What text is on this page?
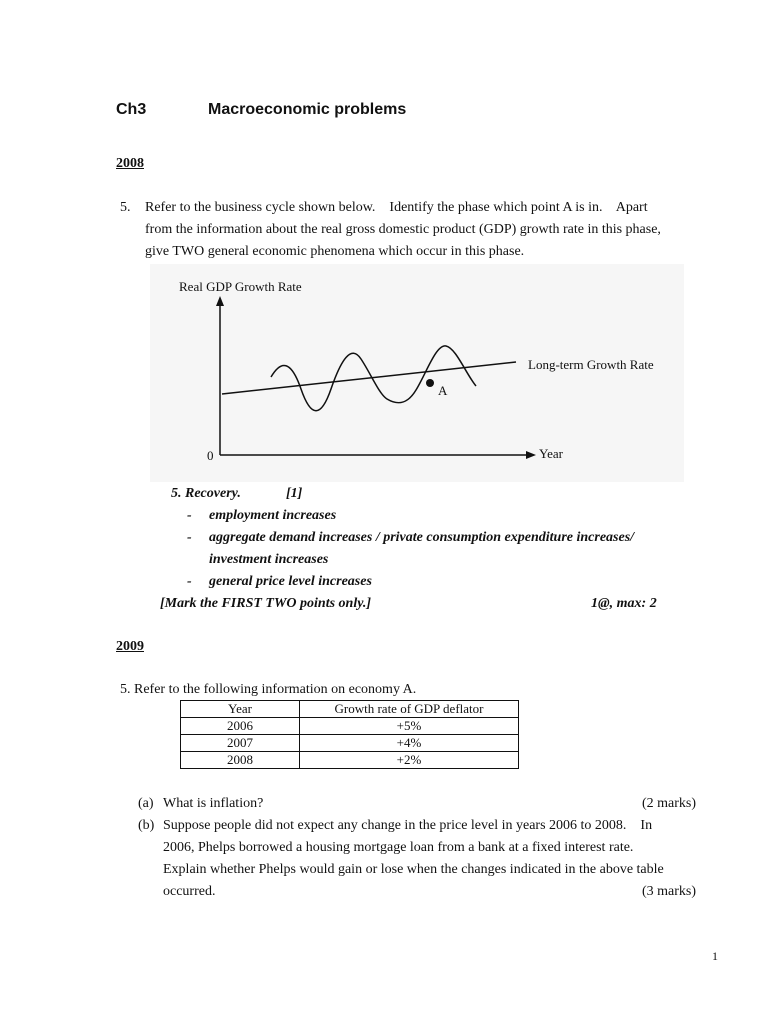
Ch3	Macroeconomic problems
2008
5. Refer to the business cycle shown below.    Identify the phase which point A is in.    Apart
from the information about the real gross domestic product (GDP) growth rate in this phase,
give TWO general economic phenomena which occur in this phase.
Real GDP Growth Rate
Year
0
Long-term Growth Rate
A
5. Recovery.	[1]
- employment increases
- aggregate demand increases / private consumption expenditure increases/
investment increases
- general price level increases
[Mark the FIRST TWO points only.]	1@, max: 2
2009
5. Refer to the following information on economy A.
Year	Growth rate of GDP deflator
2006	+5%
2007	+4%
2008	+2%
(a) What is inflation?	(2 marks)
(b) Suppose people did not expect any change in the price level in years 2006 to 2008.    In
2006, Phelps borrowed a housing mortgage loan from a bank at a fixed interest rate.
Explain whether Phelps would gain or lose when the changes indicated in the above table
occurred.	(3 marks)
1
